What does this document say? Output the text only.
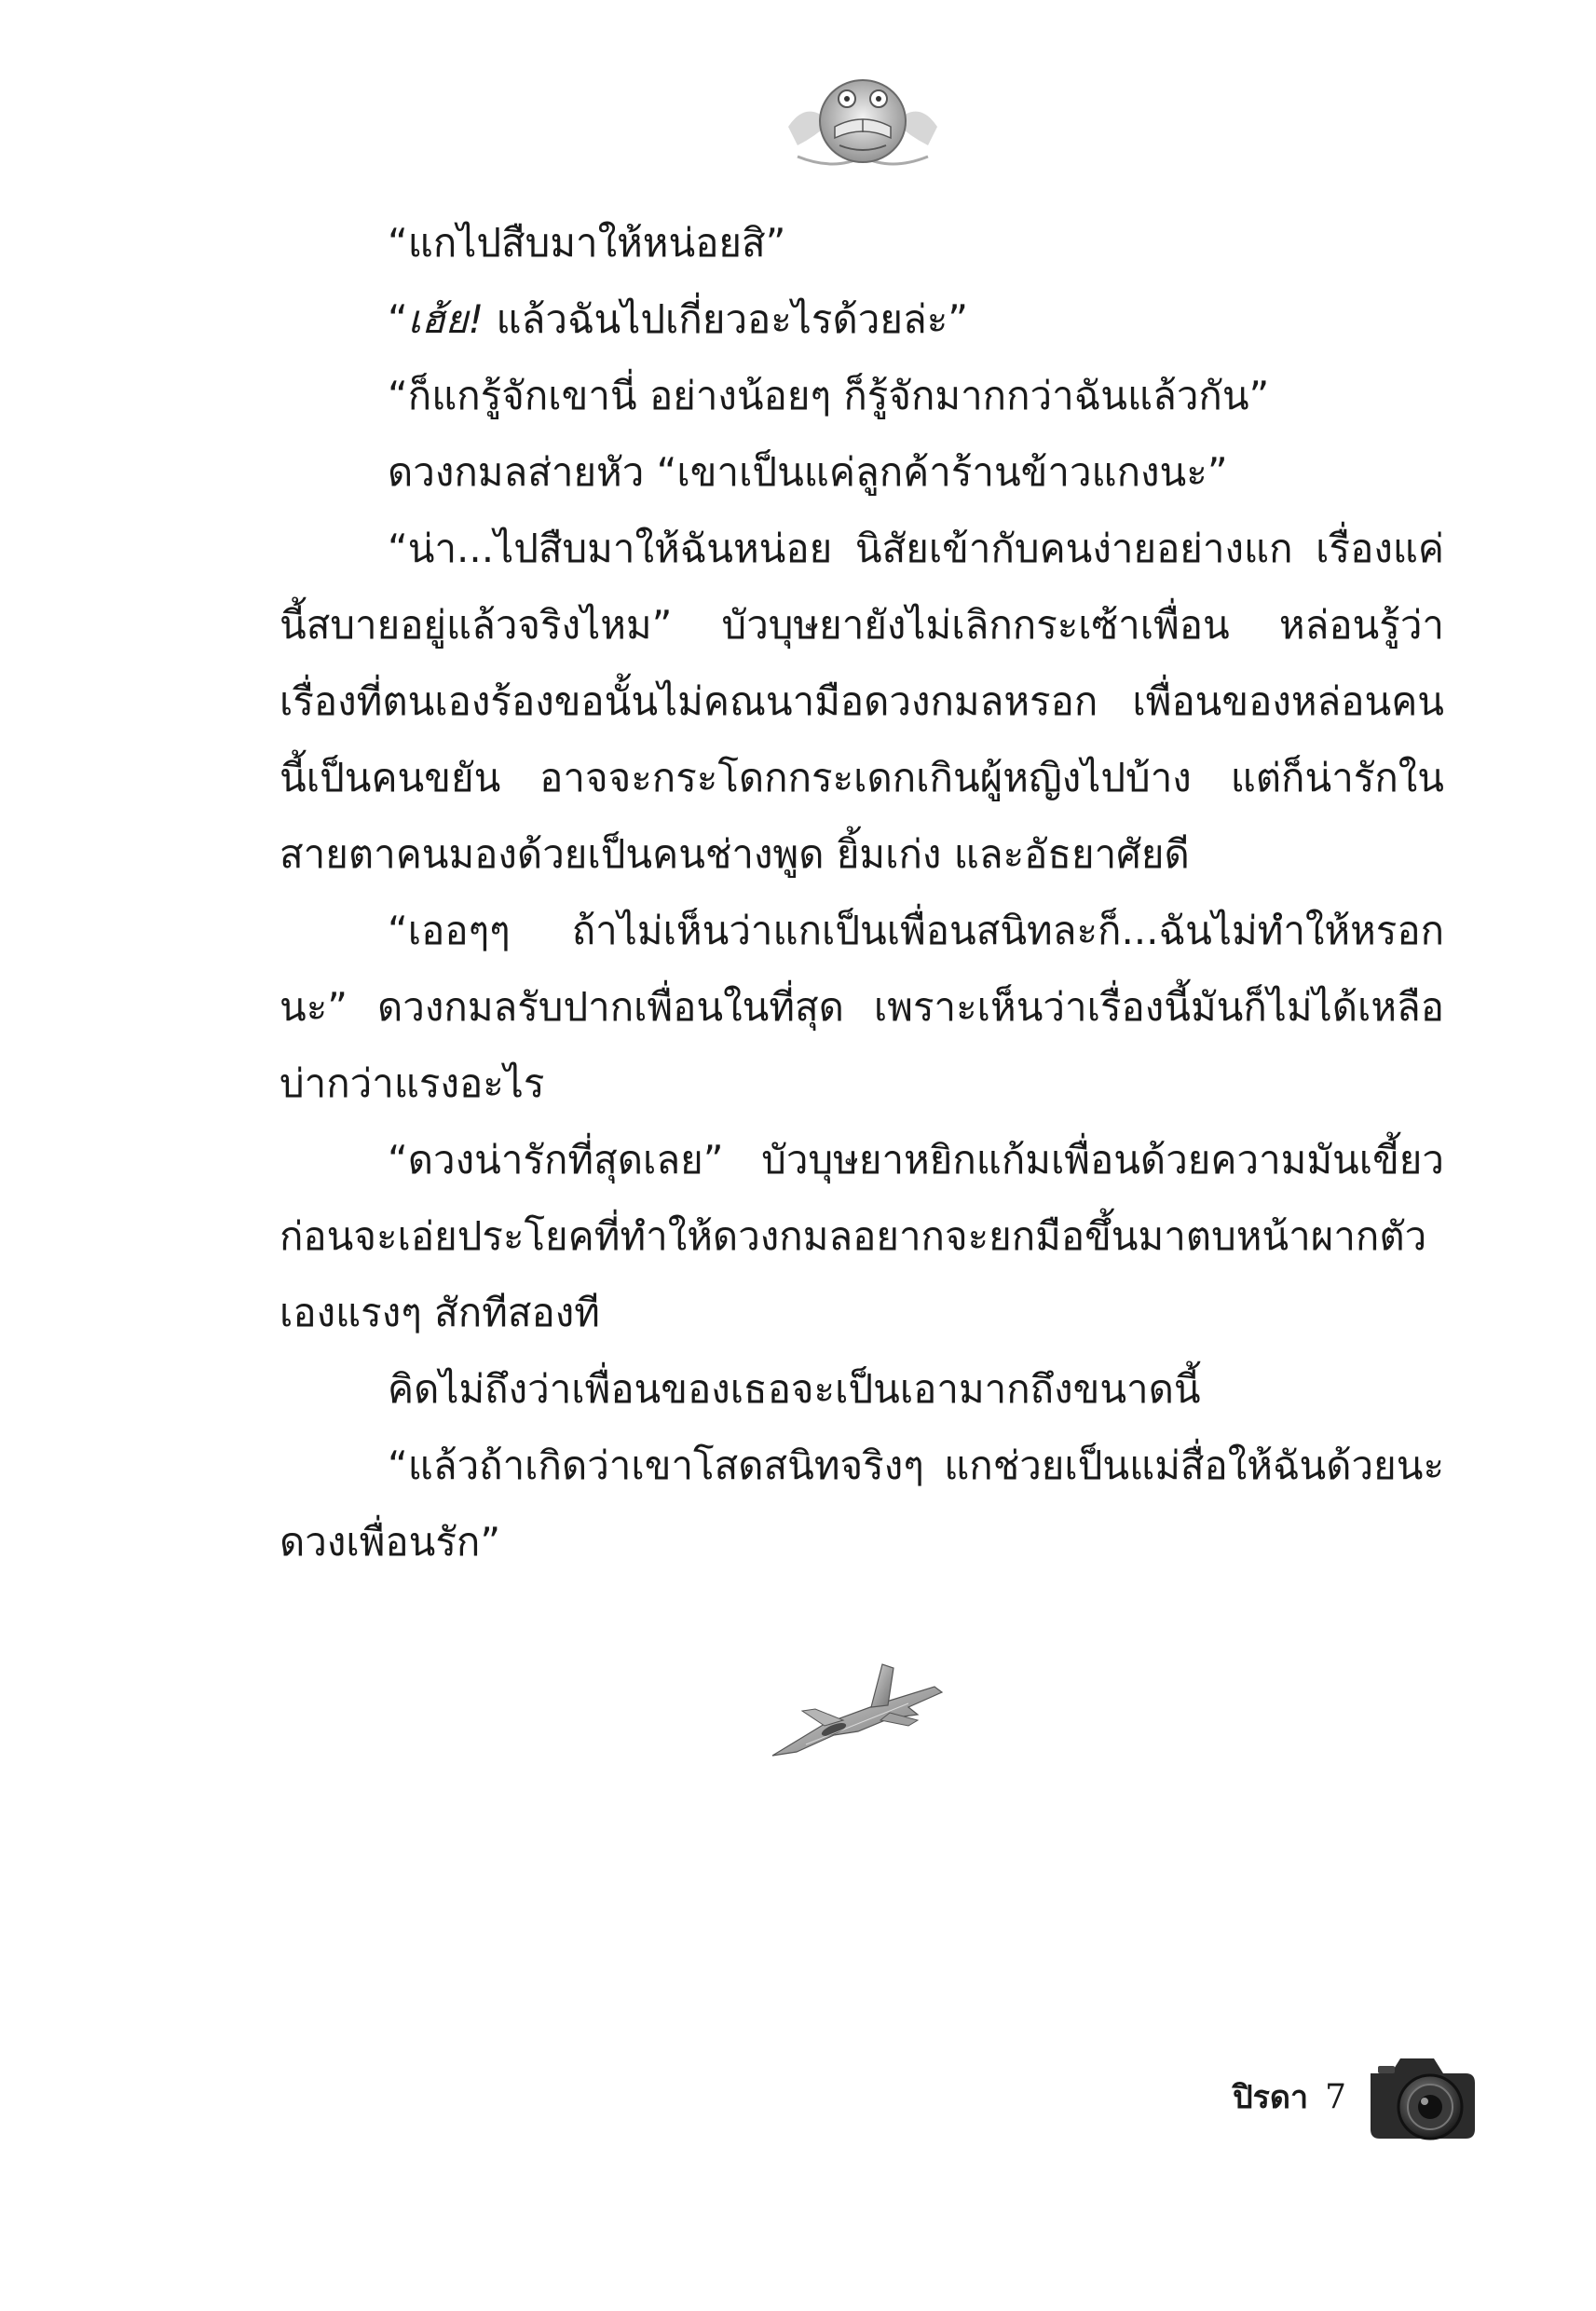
“แกไปสืบมาให้หน่อยสิ”

“เฮ้ย! แล้วฉันไปเกี่ยวอะไรด้วยล่ะ”

“ก็แกรู้จักเขานี่ อย่างน้อยๆ ก็รู้จักมากกว่าฉันแล้วกัน”

ดวงกมลส่ายหัว “เขาเป็นแค่ลูกค้าร้านข้าวแกงนะ”

“น่า...ไปสืบมาให้ฉันหน่อย นิสัยเข้ากับคนง่ายอย่างแก เรื่องแค่นี้สบายอยู่แล้วจริงไหม” บัวบุษยายังไม่เลิกกระเซ้าเพื่อน หล่อนรู้ว่าเรื่องที่ตนเองร้องขอนั้นไม่คณนามือดวงกมลหรอก เพื่อนของหล่อนคนนี้เป็นคนขยัน อาจจะกระโดกกระเดกเกินผู้หญิงไปบ้าง แต่ก็น่ารักในสายตาคนมองด้วยเป็นคนช่างพูด ยิ้มเก่ง และอัธยาศัยดี

“เออๆๆ ถ้าไม่เห็นว่าแกเป็นเพื่อนสนิทละก็...ฉันไม่ทำให้หรอกนะ” ดวงกมลรับปากเพื่อนในที่สุด เพราะเห็นว่าเรื่องนี้มันก็ไม่ได้เหลือบ่ากว่าแรงอะไร

“ดวงน่ารักที่สุดเลย” บัวบุษยาหยิกแก้มเพื่อนด้วยความมันเขี้ยว ก่อนจะเอ่ยประโยคที่ทำให้ดวงกมลอยากจะยกมือขึ้นมาตบหน้าผากตัวเองแรงๆ สักทีสองที

คิดไม่ถึงว่าเพื่อนของเธอจะเป็นเอามากถึงขนาดนี้

“แล้วถ้าเกิดว่าเขาโสดสนิทจริงๆ แกช่วยเป็นแม่สื่อให้ฉันด้วยนะดวงเพื่อนรัก”

ปิรดา 7
